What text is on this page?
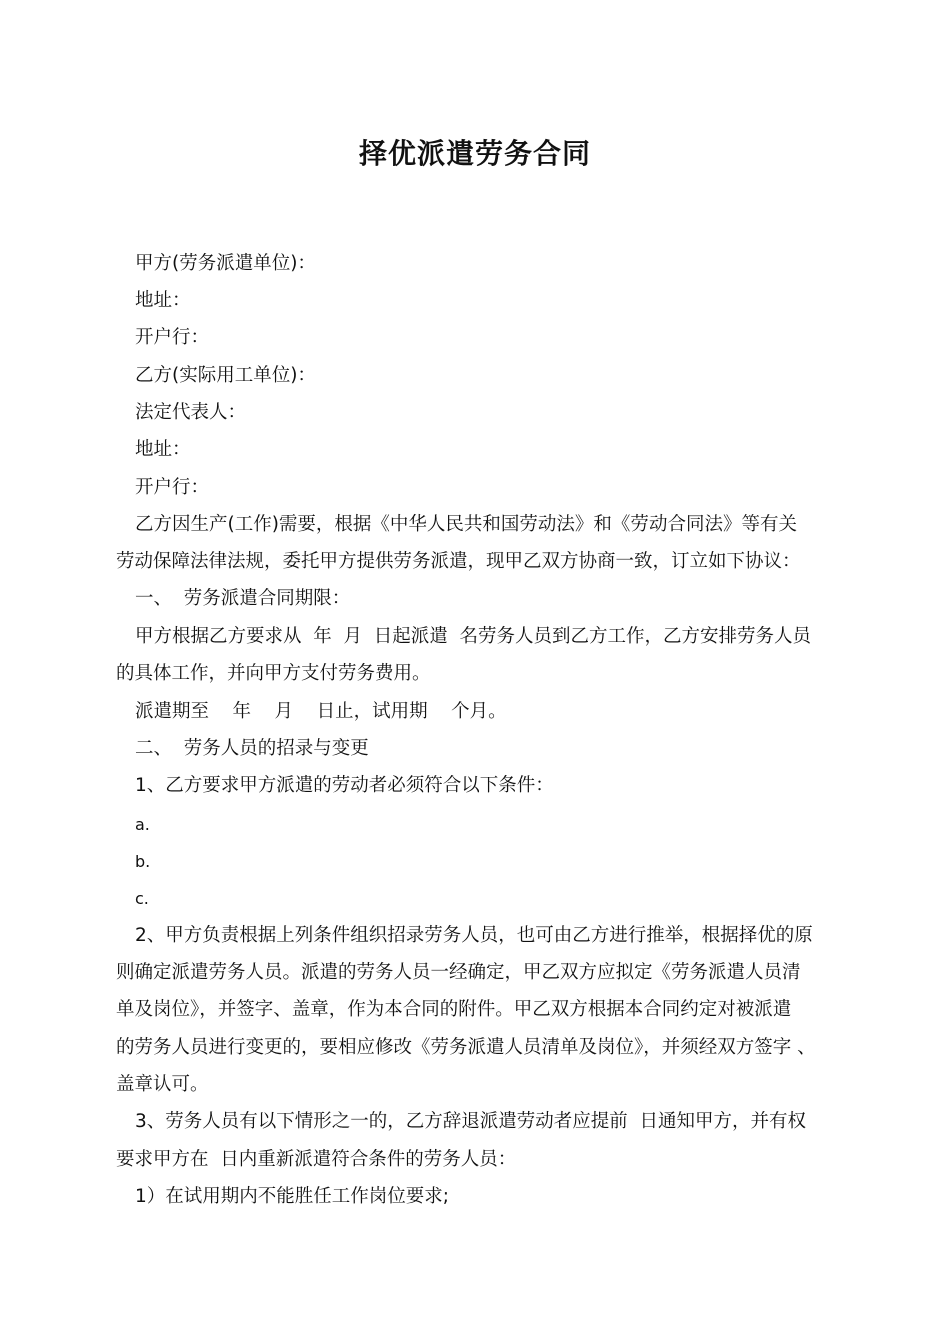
择优派遣劳务合同
甲方(劳务派遣单位)：
地址：
开户行：
乙方(实际用工单位)：
法定代表人：
地址：
开户行：
乙方因生产(工作)需要，根据《中华人民共和国劳动法》和《劳动合同法》等有关
劳动保障法律法规，委托甲方提供劳务派遣，现甲乙双方协商一致，订立如下协议：
一、  劳务派遣合同期限：
甲方根据乙方要求从  年  月  日起派遣  名劳务人员到乙方工作，乙方安排劳务人员
的具体工作，并向甲方支付劳务费用。
派遣期至    年    月    日止，试用期    个月。
二、  劳务人员的招录与变更
1、乙方要求甲方派遣的劳动者必须符合以下条件：
a.
b.
c.
2、甲方负责根据上列条件组织招录劳务人员，也可由乙方进行推举，根据择优的原
则确定派遣劳务人员。派遣的劳务人员一经确定，甲乙双方应拟定《劳务派遣人员清
单及岗位》，并签字、盖章，作为本合同的附件。甲乙双方根据本合同约定对被派遣
的劳务人员进行变更的，要相应修改《劳务派遣人员清单及岗位》，并须经双方签字 、
盖章认可。
3、劳务人员有以下情形之一的，乙方辞退派遣劳动者应提前  日通知甲方，并有权
要求甲方在  日内重新派遣符合条件的劳务人员：
1）在试用期内不能胜任工作岗位要求;
